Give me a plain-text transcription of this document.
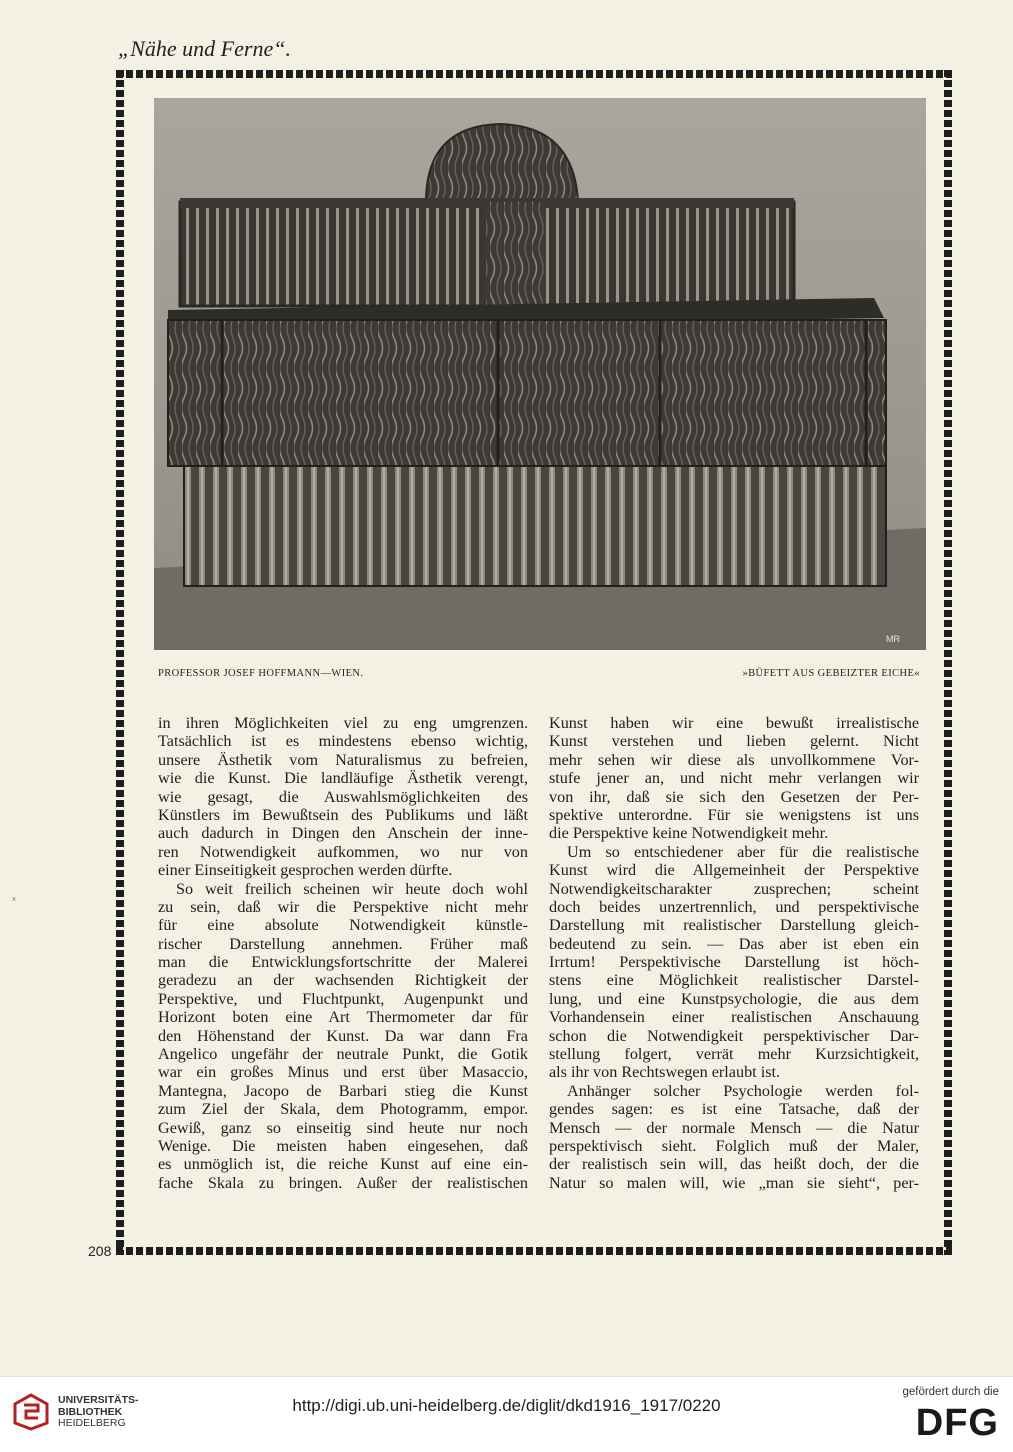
„Nähe und Ferne“.
208
MR
PROFESSOR JOSEF HOFFMANN—WIEN.	»BÜFETT AUS GEBEIZTER EICHE«
ˣ
in ihren Möglichkeiten viel zu eng umgrenzen.
Tatsächlich ist es mindestens ebenso wichtig,
unsere Ästhetik vom Naturalismus zu befreien,
wie die Kunst. Die landläufige Ästhetik verengt,
wie gesagt, die Auswahlsmöglichkeiten des
Künstlers im Bewußtsein des Publikums und läßt
auch dadurch in Dingen den Anschein der inne-
ren Notwendigkeit aufkommen, wo nur von
einer Einseitigkeit gesprochen werden dürfte.
So weit freilich scheinen wir heute doch wohl
zu sein, daß wir die Perspektive nicht mehr
für eine absolute Notwendigkeit künstle-
rischer Darstellung annehmen. Früher maß
man die Entwicklungsfortschritte der Malerei
geradezu an der wachsenden Richtigkeit der
Perspektive, und Fluchtpunkt, Augenpunkt und
Horizont boten eine Art Thermometer dar für
den Höhenstand der Kunst. Da war dann Fra
Angelico ungefähr der neutrale Punkt, die Gotik
war ein großes Minus und erst über Masaccio,
Mantegna, Jacopo de Barbari stieg die Kunst
zum Ziel der Skala, dem Photogramm, empor.
Gewiß, ganz so einseitig sind heute nur noch
Wenige. Die meisten haben eingesehen, daß
es unmöglich ist, die reiche Kunst auf eine ein-
fache Skala zu bringen. Außer der realistischen
Kunst haben wir eine bewußt irrealistische
Kunst verstehen und lieben gelernt. Nicht
mehr sehen wir diese als unvollkommene Vor-
stufe jener an, und nicht mehr verlangen wir
von ihr, daß sie sich den Gesetzen der Per-
spektive unterordne. Für sie wenigstens ist uns
die Perspektive keine Notwendigkeit mehr.
Um so entschiedener aber für die realistische
Kunst wird die Allgemeinheit der Perspektive
Notwendigkeitscharakter zusprechen; scheint
doch beides unzertrennlich, und perspektivische
Darstellung mit realistischer Darstellung gleich-
bedeutend zu sein. — Das aber ist eben ein
Irrtum! Perspektivische Darstellung ist höch-
stens eine Möglichkeit realistischer Darstel-
lung, und eine Kunstpsychologie, die aus dem
Vorhandensein einer realistischen Anschauung
schon die Notwendigkeit perspektivischer Dar-
stellung folgert, verrät mehr Kurzsichtigkeit,
als ihr von Rechtswegen erlaubt ist.
Anhänger solcher Psychologie werden fol-
gendes sagen: es ist eine Tatsache, daß der
Mensch — der normale Mensch — die Natur
perspektivisch sieht. Folglich muß der Maler,
der realistisch sein will, das heißt doch, der die
Natur so malen will, wie „man sie sieht“, per-
UNIVERSITÄTS-
BIBLIOTHEK
HEIDELBERG
http://digi.ub.uni-heidelberg.de/diglit/dkd1916_1917/0220
gefördert durch die
DFG
